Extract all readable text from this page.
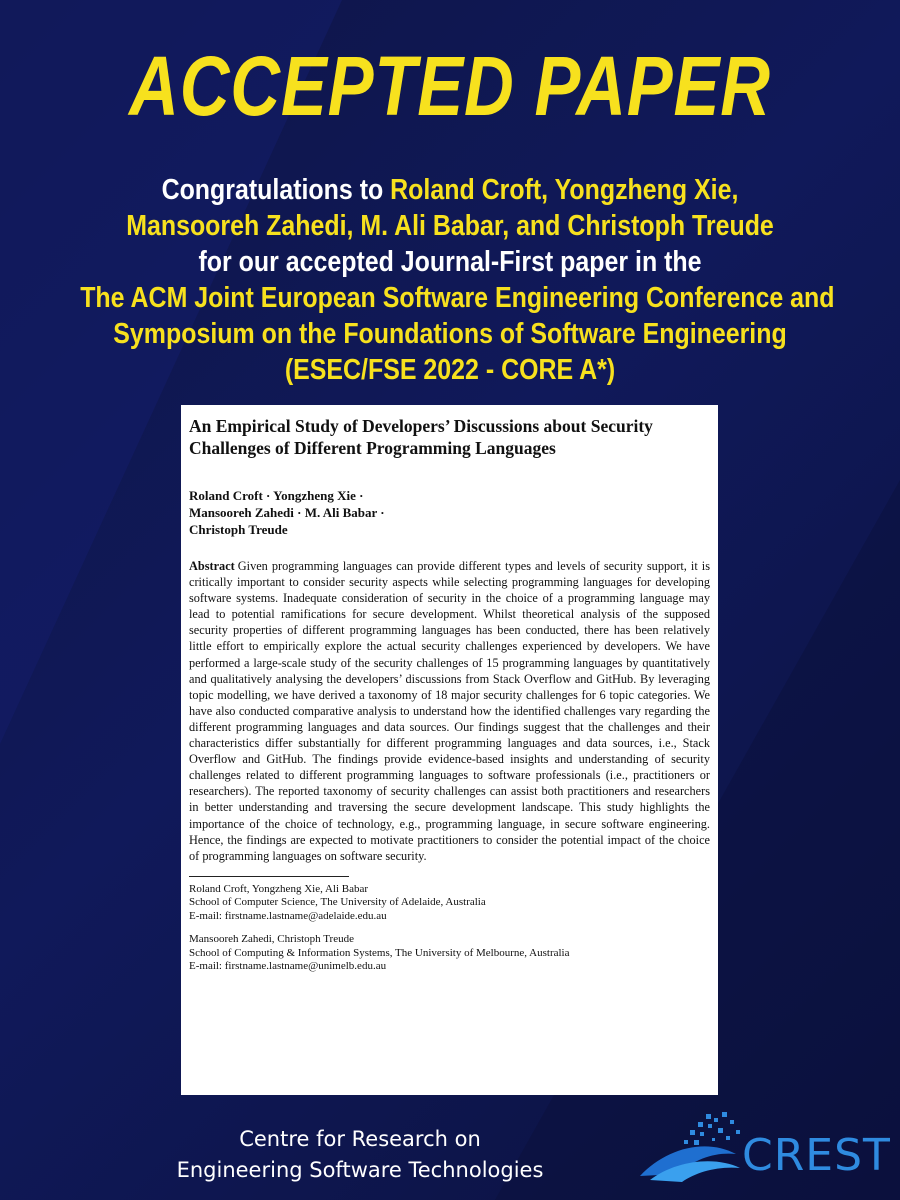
ACCEPTED PAPER
Congratulations to Roland Croft, Yongzheng Xie,
Mansooreh Zahedi, M. Ali Babar, and Christoph Treude
for our accepted Journal-First paper in the
The ACM Joint European Software Engineering Conference and
Symposium on the Foundations of Software Engineering
(ESEC/FSE 2022 - CORE A*)
An Empirical Study of Developers’ Discussions about Security Challenges of Different Programming Languages
Roland Croft · Yongzheng Xie ·
Mansooreh Zahedi · M. Ali Babar ·
Christoph Treude
Abstract Given programming languages can provide different types and levels of security support, it is critically important to consider security aspects while selecting programming languages for developing software systems. Inadequate consideration of security in the choice of a programming language may lead to potential ramifications for secure development. Whilst theoretical analysis of the supposed security properties of different programming languages has been conducted, there has been relatively little effort to empirically explore the actual security challenges experienced by developers. We have performed a large-scale study of the security challenges of 15 programming languages by quantitatively and qualitatively analysing the developers’ discussions from Stack Overflow and GitHub. By leveraging topic modelling, we have derived a taxonomy of 18 major security challenges for 6 topic categories. We have also conducted comparative analysis to understand how the identified challenges vary regarding the different programming languages and data sources. Our findings suggest that the challenges and their characteristics differ substantially for different programming languages and data sources, i.e., Stack Overflow and GitHub. The findings provide evidence-based insights and understanding of security challenges related to different programming languages to software professionals (i.e., practitioners or researchers). The reported taxonomy of security challenges can assist both practitioners and researchers in better understanding and traversing the secure development landscape. This study highlights the importance of the choice of technology, e.g., programming language, in secure software engineering. Hence, the findings are expected to motivate practitioners to consider the potential impact of the choice of programming languages on software security.
Roland Croft, Yongzheng Xie, Ali Babar
School of Computer Science, The University of Adelaide, Australia
E-mail: firstname.lastname@adelaide.edu.au
Mansooreh Zahedi, Christoph Treude
School of Computing & Information Systems, The University of Melbourne, Australia
E-mail: firstname.lastname@unimelb.edu.au
Centre for Research on
Engineering Software Technologies	CREST
